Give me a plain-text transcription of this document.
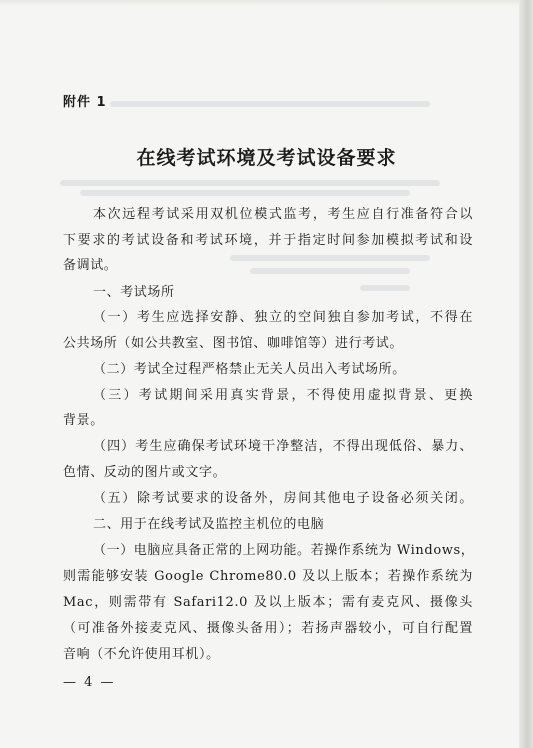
附件 1
在线考试环境及考试设备要求
本次远程考试采用双机位模式监考，考生应自行准备符合以
下要求的考试设备和考试环境，并于指定时间参加模拟考试和设
备调试。
一、考试场所
（一）考生应选择安静、独立的空间独自参加考试，不得在
公共场所（如公共教室、图书馆、咖啡馆等）进行考试。
（二）考试全过程严格禁止无关人员出入考试场所。
（三）考试期间采用真实背景，不得使用虚拟背景、更换
背景。
（四）考生应确保考试环境干净整洁，不得出现低俗、暴力、
色情、反动的图片或文字。
（五）除考试要求的设备外，房间其他电子设备必须关闭。
二、用于在线考试及监控主机位的电脑
（一）电脑应具备正常的上网功能。若操作系统为 Windows，
则需能够安装 Google Chrome80.0 及以上版本；若操作系统为
Mac，则需带有 Safari12.0 及以上版本；需有麦克风、摄像头
（可准备外接麦克风、摄像头备用）；若扬声器较小，可自行配置
音响（不允许使用耳机）。
— 4 —
